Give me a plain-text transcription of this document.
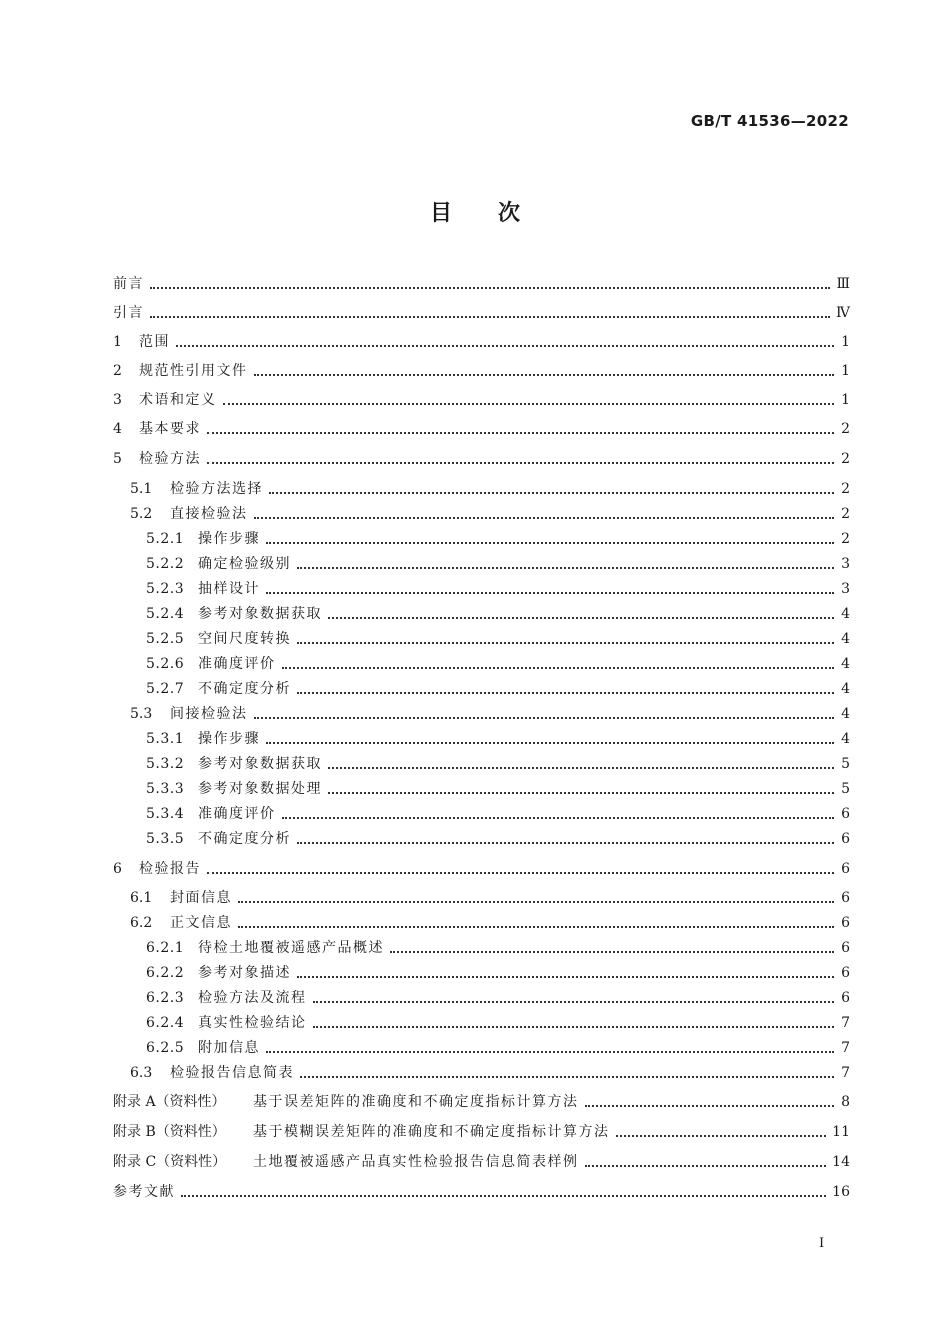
GB/T 41536—2022
目次
前言	Ⅲ
引言	Ⅳ
1	范围	1
2	规范性引用文件	1
3	术语和定义	1
4	基本要求	2
5	检验方法	2
5.1	检验方法选择	2
5.2	直接检验法	2
5.2.1 操作步骤	2
5.2.2 确定检验级别	3
5.2.3 抽样设计	3
5.2.4 参考对象数据获取	4
5.2.5 空间尺度转换	4
5.2.6 准确度评价	4
5.2.7 不确定度分析	4
5.3	间接检验法	4
5.3.1 操作步骤	4
5.3.2 参考对象数据获取	5
5.3.3 参考对象数据处理	5
5.3.4 准确度评价	6
5.3.5 不确定度分析	6
6	检验报告	6
6.1	封面信息	6
6.2	正文信息	6
6.2.1 待检土地覆被遥感产品概述	6
6.2.2 参考对象描述	6
6.2.3 检验方法及流程	6
6.2.4 真实性检验结论	7
6.2.5 附加信息	7
6.3	检验报告信息简表	7
附录 A（资料性）	基于误差矩阵的准确度和不确定度指标计算方法	8
附录 B（资料性）	基于模糊误差矩阵的准确度和不确定度指标计算方法	11
附录 C（资料性）	土地覆被遥感产品真实性检验报告信息简表样例	14
参考文献	16
I
